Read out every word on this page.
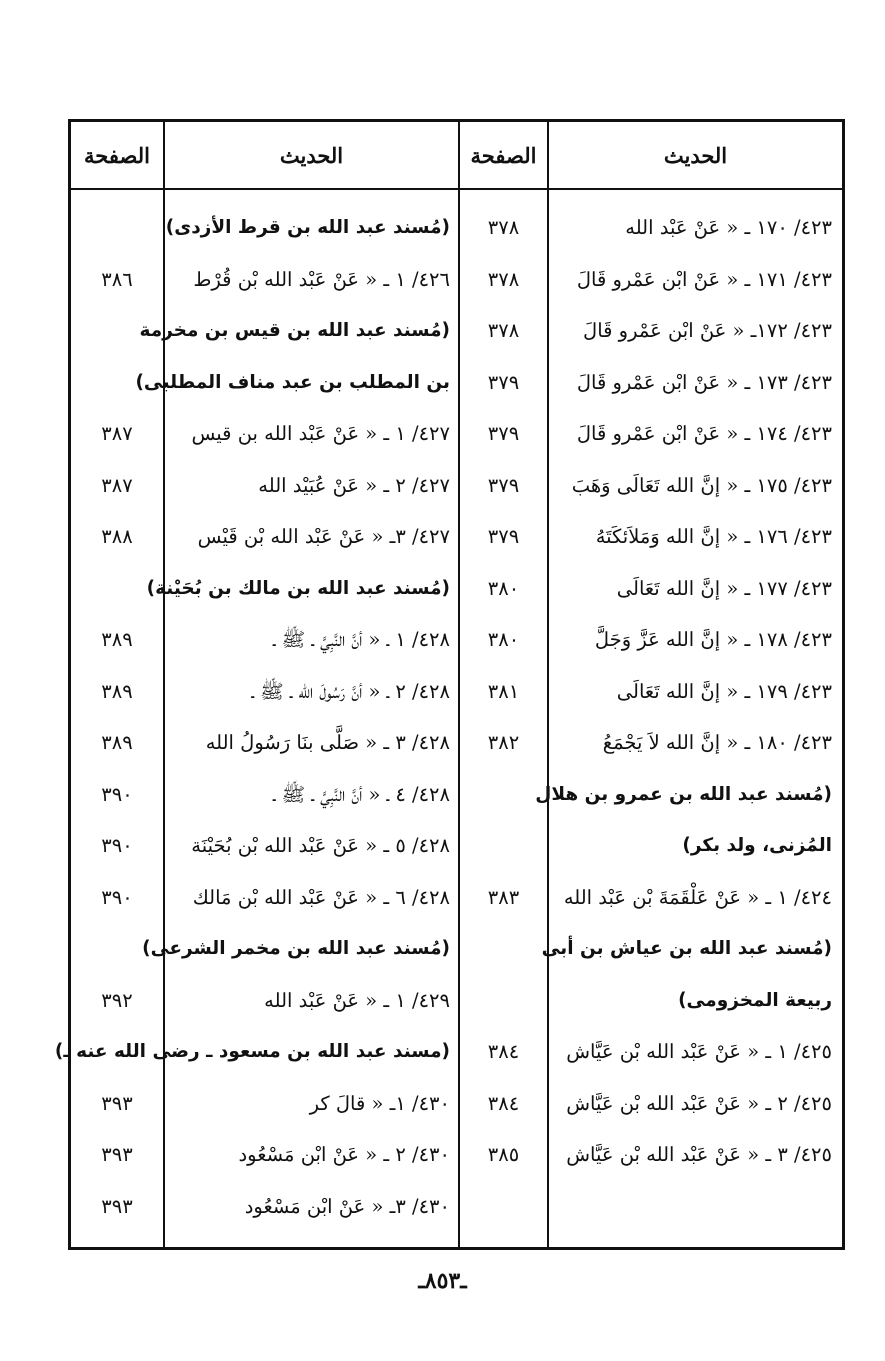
الحديث
الصفحة
الحديث
الصفحة
٤٢٣/ ١٧٠ ـ « عَنْ عَبْد الله
٤٢٣/ ١٧١ ـ « عَنْ ابْن عَمْرو قَالَ
٤٢٣/ ١٧٢ـ « عَنْ ابْن عَمْرو قَالَ
٤٢٣/ ١٧٣ ـ « عَنْ ابْن عَمْرو قَالَ
٤٢٣/ ١٧٤ ـ « عَنْ ابْن عَمْرو قَالَ
٤٢٣/ ١٧٥ ـ « إنَّ الله تَعَالَى وَهَبَ
٤٢٣/ ١٧٦ ـ « إنَّ الله وَمَلاَئكَتَهُ
٤٢٣/ ١٧٧ ـ « إنَّ الله تَعَالَى
٤٢٣/ ١٧٨ ـ « إنَّ الله عَزَّ وَجَلَّ
٤٢٣/ ١٧٩ ـ « إنَّ الله تَعَالَى
٤٢٣/ ١٨٠ ـ « إنَّ الله لاَ يَجْمَعُ
(مُسند عبد الله بن عمرو بن هلال
المُزنى، ولد بكر)
٤٢٤/ ١ ـ « عَنْ عَلْقَمَةَ بْن عَبْد الله
(مُسند عبد الله بن عياش بن أبى
ربيعة المخزومى)
٤٢٥/ ١ ـ « عَنْ عَبْد الله بْن عَيَّاش
٤٢٥/ ٢ ـ « عَنْ عَبْد الله بْن عَيَّاش
٤٢٥/ ٣ ـ « عَنْ عَبْد الله بْن عَيَّاش
٣٧٨
٣٧٨
٣٧٨
٣٧٩
٣٧٩
٣٧٩
٣٧٩
٣٨٠
٣٨٠
٣٨١
٣٨٢
٣٨٣
٣٨٤
٣٨٤
٣٨٥
(مُسند عبد الله بن قرط الأزدى)
٤٢٦/ ١ ـ « عَنْ عَبْد الله بْن قُرْط
(مُسند عبد الله بن قيس بن مخرمة
بن المطلب بن عبد مناف المطلبى)
٤٢٧/ ١ ـ « عَنْ عَبْد الله بن قيس
٤٢٧/ ٢ ـ « عَنْ عُبَيْد الله
٤٢٧/ ٣ـ « عَنْ عَبْد الله بْن قَيْس
(مُسند عبد الله بن مالك بن بُحَيْنة)
٤٢٨/ ١ ـ « أنَّ النَّبِيَّ ـ ﷺ ـ
٤٢٨/ ٢ ـ « أنَّ رَسُولَ الله ـ ﷺ ـ
٤٢٨/ ٣ ـ « صَلَّى بنَا رَسُولُ الله
٤٢٨/ ٤ ـ « أنَّ النَّبِيَّ ـ ﷺ ـ
٤٢٨/ ٥ ـ « عَنْ عَبْد الله بْن بُحَيْنَة
٤٢٨/ ٦ ـ « عَنْ عَبْد الله بْن مَالك
(مُسند عبد الله بن مخمر الشرعى)
٤٢٩/ ١ ـ « عَنْ عَبْد الله
(مسند عبد الله بن مسعود ـ رضى الله عنه ـ)
٤٣٠/ ١ـ « قالَ كر
٤٣٠/ ٢ ـ « عَنْ ابْن مَسْعُود
٤٣٠/ ٣ـ « عَنْ ابْن مَسْعُود
٣٨٦
٣٨٧
٣٨٧
٣٨٨
٣٨٩
٣٨٩
٣٨٩
٣٩٠
٣٩٠
٣٩٠
٣٩٢
٣٩٣
٣٩٣
٣٩٣
ـ٨٥٣ـ
